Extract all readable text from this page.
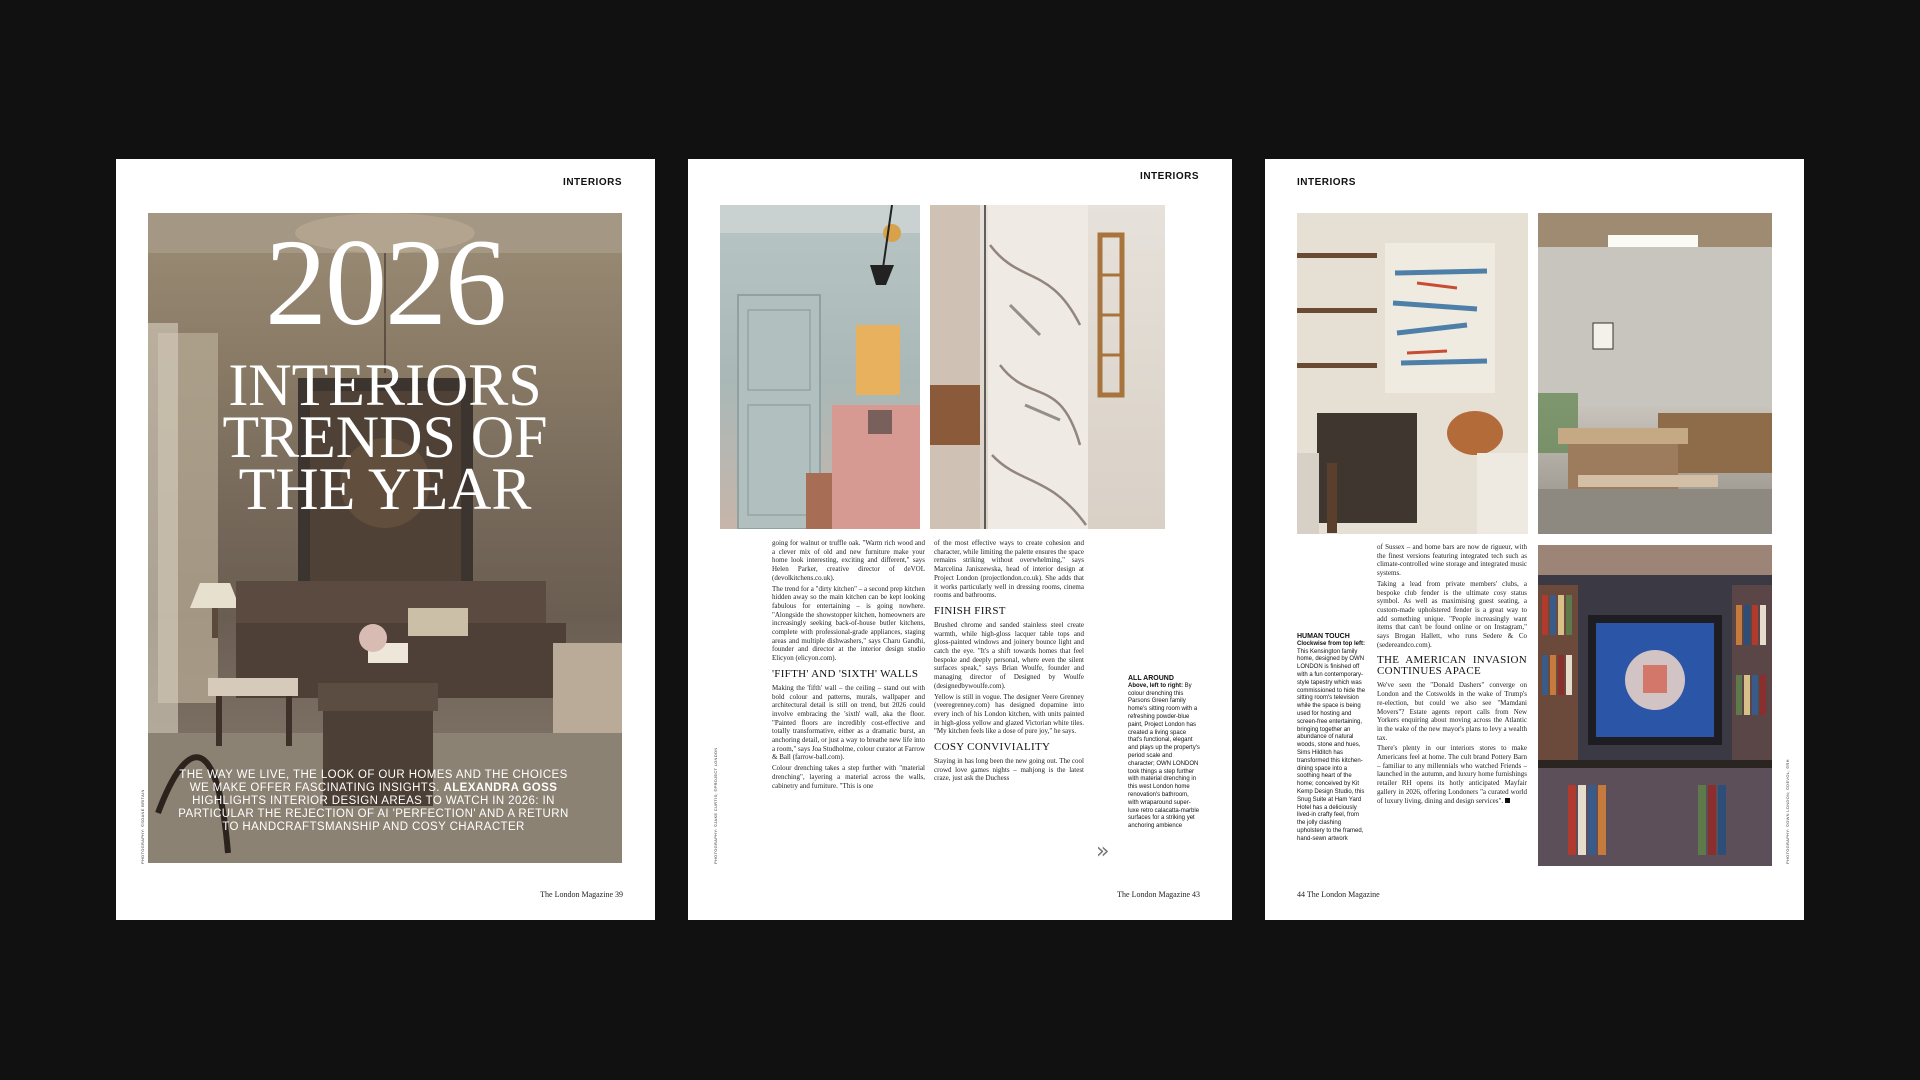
INTERIORS
2026
INTERIORS
TRENDS OF
THE YEAR
THE WAY WE LIVE, THE LOOK OF OUR HOMES AND THE CHOICES WE MAKE OFFER FASCINATING INSIGHTS. ALEXANDRA GOSS HIGHLIGHTS INTERIOR DESIGN AREAS TO WATCH IN 2026: IN PARTICULAR THE REJECTION OF AI 'PERFECTION' AND A RETURN TO HANDCRAFTSMANSHIP AND COSY CHARACTER
PHOTOGRAPHY: ©SOANE BRITAIN
The London Magazine 39
INTERIORS
PHOTOGRAPHY: ©JAKE CURTIS; ©PROJECT LONDON

going for walnut or truffle oak. "Warm rich wood and a clever mix of old and new furniture make your home look interesting, exciting and different," says Helen Parker, creative director of deVOL (devolkitchens.co.uk).

The trend for a "dirty kitchen" – a second prep kitchen hidden away so the main kitchen can be kept looking fabulous for entertaining – is going nowhere. "Alongside the showstopper kitchen, homeowners are increasingly seeking back-of-house butler kitchens, complete with professional-grade appliances, staging areas and multiple dishwashers," says Charu Gandhi, founder and director at the interior design studio Elicyon (elicyon.com).

'FIFTH' AND 'SIXTH' WALLS

Making the 'fifth' wall – the ceiling – stand out with bold colour and patterns, murals, wallpaper and architectural detail is still on trend, but 2026 could involve embracing the 'sixth' wall, aka the floor. "Painted floors are incredibly cost-effective and totally transformative, either as a dramatic burst, an anchoring detail, or just a way to breathe new life into a room," says Joa Studholme, colour curator at Farrow & Ball (farrow-ball.com).

Colour drenching takes a step further with "material drenching", layering a material across the walls, cabinetry and furniture. "This is one

of the most effective ways to create cohesion and character, while limiting the palette ensures the space remains striking without overwhelming," says Marcelina Janiszewska, head of interior design at Project London (projectlondon.co.uk). She adds that it works particularly well in dressing rooms, cinema rooms and bathrooms.

FINISH FIRST

Brushed chrome and sanded stainless steel create warmth, while high-gloss lacquer table tops and gloss-painted windows and joinery bounce light and catch the eye. "It's a shift towards homes that feel bespoke and deeply personal, where even the silent surfaces speak," says Brian Woulfe, founder and managing director of Designed by Woulfe (designedbywoulfe.com).

Yellow is still in vogue. The designer Veere Grenney (veeregrenney.com) has designed dopamine into every inch of his London kitchen, with units painted in high-gloss yellow and glazed Victorian white tiles. "My kitchen feels like a dose of pure joy," he says.

COSY CONVIVIALITY

Staying in has long been the new going out. The cool crowd love games nights – mahjong is the latest craze, just ask the Duchess

»
ALL AROUND
Above, left to right: By colour drenching this Parsons Green family home's sitting room with a refreshing powder-blue paint, Project London has created a living space that's functional, elegant and plays up the property's period scale and character; OWN LONDON took things a step further with material drenching in this west London home renovation's bathroom, with wraparound super-luxe retro calacatta-marble surfaces for a striking yet anchoring ambience
The London Magazine 43
INTERIORS
PHOTOGRAPHY: ©OWN LONDON; ©DEVOL; ©RH
HUMAN TOUCH
Clockwise from top left: This Kensington family home, designed by OWN LONDON is finished off with a fun contemporary-style tapestry which was commissioned to hide the sitting room's television while the space is being used for hosting and screen-free entertaining, bringing together an abundance of natural woods, stone and hues, Sims Hilditch has transformed this kitchen-dining space into a soothing heart of the home; conceived by Kit Kemp Design Studio, this Snug Suite at Ham Yard Hotel has a deliciously lived-in crafty feel, from the jolly clashing upholstery to the framed, hand-sewn artwork

of Sussex – and home bars are now de rigueur, with the finest versions featuring integrated tech such as climate-controlled wine storage and integrated music systems.

Taking a lead from private members' clubs, a bespoke club fender is the ultimate cosy status symbol. As well as maximising guest seating, a custom-made upholstered fender is a great way to add something unique. "People increasingly want items that can't be found online or on Instagram," says Brogan Hallett, who runs Sedere & Co (sedereandco.com).

THE AMERICAN INVASION CONTINUES APACE

We've seen the "Donald Dashers" converge on London and the Cotswolds in the wake of Trump's re-election, but could we also see "Mamdani Movers"? Estate agents report calls from New Yorkers enquiring about moving across the Atlantic in the wake of the new mayor's plans to levy a wealth tax.

There's plenty in our interiors stores to make Americans feel at home. The cult brand Pottery Barn – familiar to any millennials who watched Friends – launched in the autumn, and luxury home furnishings retailer RH opens its hotly anticipated Mayfair gallery in 2026, offering Londoners "a curated world of luxury living, dining and design services".

44 The London Magazine
